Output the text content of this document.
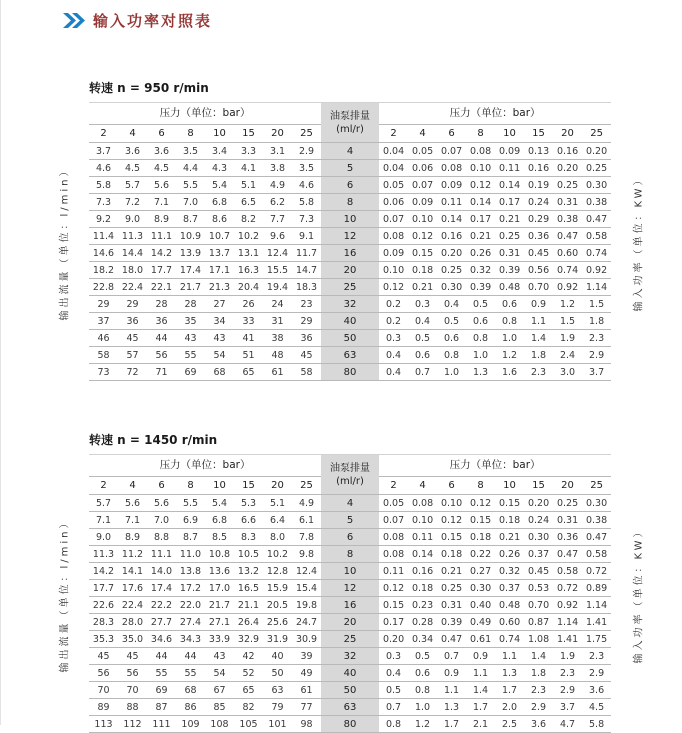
输入功率对照表
转速 n = 950 r/min
输出流量（单位：l/min）	输入功率（单位：KW）
压力（单位：bar）								油泵排量
(ml/r)	压力（单位：bar）							
2	4	6	8	10	15	20	25		2	4	6	8	10	15	20	25
3.7	3.6	3.6	3.5	3.4	3.3	3.1	2.9	4	0.04	0.05	0.07	0.08	0.09	0.13	0.16	0.20
4.6	4.5	4.5	4.4	4.3	4.1	3.8	3.5	5	0.04	0.06	0.08	0.10	0.11	0.16	0.20	0.25
5.8	5.7	5.6	5.5	5.4	5.1	4.9	4.6	6	0.05	0.07	0.09	0.12	0.14	0.19	0.25	0.30
7.3	7.2	7.1	7.0	6.8	6.5	6.2	5.8	8	0.06	0.09	0.11	0.14	0.17	0.24	0.31	0.38
9.2	9.0	8.9	8.7	8.6	8.2	7.7	7.3	10	0.07	0.10	0.14	0.17	0.21	0.29	0.38	0.47
11.4	11.3	11.1	10.9	10.7	10.2	9.6	9.1	12	0.08	0.12	0.16	0.21	0.25	0.36	0.47	0.58
14.6	14.4	14.2	13.9	13.7	13.1	12.4	11.7	16	0.09	0.15	0.20	0.26	0.31	0.45	0.60	0.74
18.2	18.0	17.7	17.4	17.1	16.3	15.5	14.7	20	0.10	0.18	0.25	0.32	0.39	0.56	0.74	0.92
22.8	22.4	22.1	21.7	21.3	20.4	19.4	18.3	25	0.12	0.21	0.30	0.39	0.48	0.70	0.92	1.14
29	29	28	28	27	26	24	23	32	0.2	0.3	0.4	0.5	0.6	0.9	1.2	1.5
37	36	36	35	34	33	31	29	40	0.2	0.4	0.5	0.6	0.8	1.1	1.5	1.8
46	45	44	43	43	41	38	36	50	0.3	0.5	0.6	0.8	1.0	1.4	1.9	2.3
58	57	56	55	54	51	48	45	63	0.4	0.6	0.8	1.0	1.2	1.8	2.4	2.9
73	72	71	69	68	65	61	58	80	0.4	0.7	1.0	1.3	1.6	2.3	3.0	3.7
转速 n = 1450 r/min
输出流量（单位：l/min）	输入功率（单位：KW）
压力（单位：bar）								油泵排量
(ml/r)	压力（单位：bar）							
2	4	6	8	10	15	20	25		2	4	6	8	10	15	20	25
5.7	5.6	5.6	5.5	5.4	5.3	5.1	4.9	4	0.05	0.08	0.10	0.12	0.15	0.20	0.25	0.30
7.1	7.1	7.0	6.9	6.8	6.6	6.4	6.1	5	0.07	0.10	0.12	0.15	0.18	0.24	0.31	0.38
9.0	8.9	8.8	8.7	8.5	8.3	8.0	7.8	6	0.08	0.11	0.15	0.18	0.21	0.30	0.36	0.47
11.3	11.2	11.1	11.0	10.8	10.5	10.2	9.8	8	0.08	0.14	0.18	0.22	0.26	0.37	0.47	0.58
14.2	14.1	14.0	13.8	13.6	13.2	12.8	12.4	10	0.11	0.16	0.21	0.27	0.32	0.45	0.58	0.72
17.7	17.6	17.4	17.2	17.0	16.5	15.9	15.4	12	0.12	0.18	0.25	0.30	0.37	0.53	0.72	0.89
22.6	22.4	22.2	22.0	21.7	21.1	20.5	19.8	16	0.15	0.23	0.31	0.40	0.48	0.70	0.92	1.14
28.3	28.0	27.7	27.4	27.1	26.4	25.6	24.7	20	0.17	0.28	0.39	0.49	0.60	0.87	1.14	1.41
35.3	35.0	34.6	34.3	33.9	32.9	31.9	30.9	25	0.20	0.34	0.47	0.61	0.74	1.08	1.41	1.75
45	45	44	44	43	42	40	39	32	0.3	0.5	0.7	0.9	1.1	1.4	1.9	2.3
56	56	55	55	54	52	50	49	40	0.4	0.6	0.9	1.1	1.3	1.8	2.3	2.9
70	70	69	68	67	65	63	61	50	0.5	0.8	1.1	1.4	1.7	2.3	2.9	3.6
89	88	87	86	85	82	79	77	63	0.7	1.0	1.3	1.7	2.0	2.9	3.7	4.5
113	112	111	109	108	105	101	98	80	0.8	1.2	1.7	2.1	2.5	3.6	4.7	5.8
